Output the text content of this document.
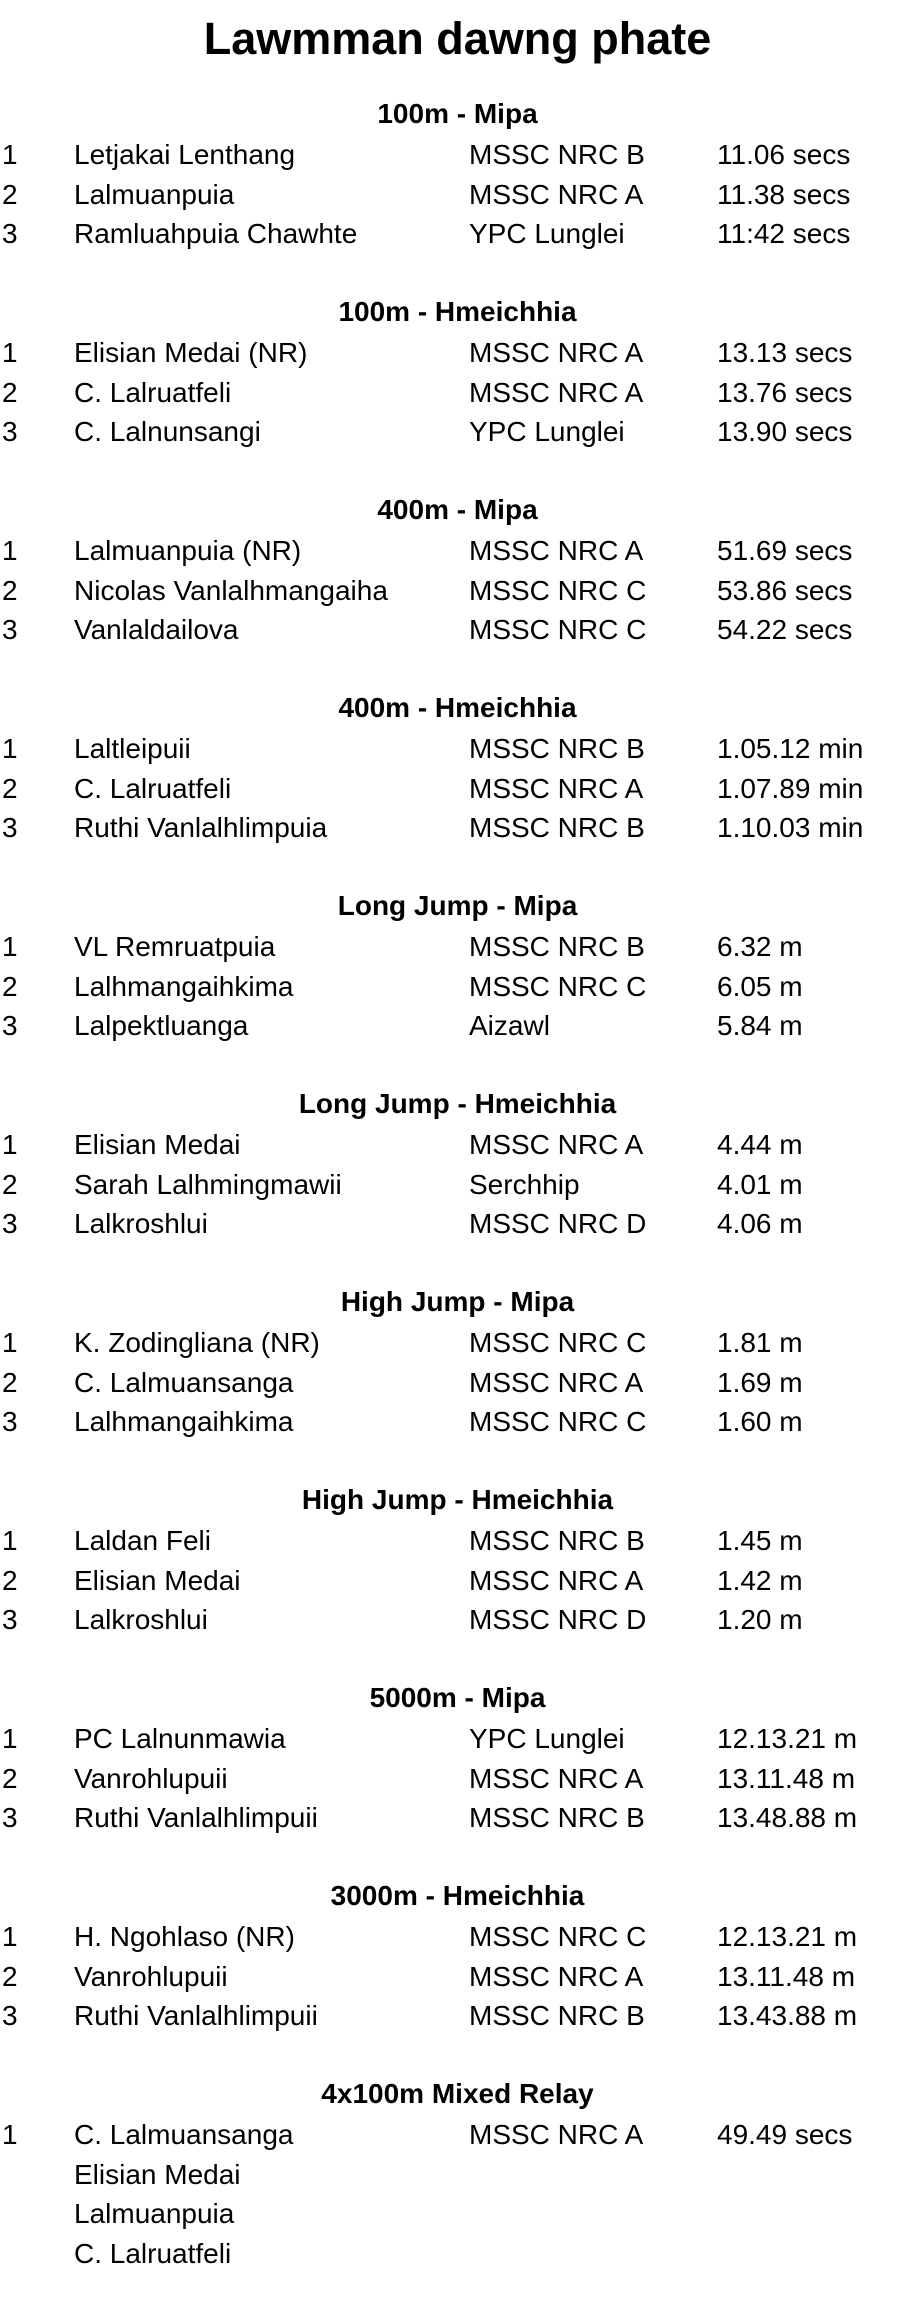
Lawmman dawng phate
100m - Mipa
1 Letjakai Lenthang	MSSC NRC B	11.06 secs
2 Lalmuanpuia	MSSC NRC A	11.38 secs
3 Ramluahpuia Chawhte	YPC Lunglei	11:42 secs
100m - Hmeichhia
1 Elisian Medai (NR)	MSSC NRC A	13.13 secs
2 C. Lalruatfeli	MSSC NRC A	13.76 secs
3 C. Lalnunsangi	YPC Lunglei	13.90 secs
400m - Mipa
1 Lalmuanpuia (NR)	MSSC NRC A	51.69 secs
2 Nicolas Vanlalhmangaiha	MSSC NRC C	53.86 secs
3 Vanlaldailova	MSSC NRC C	54.22 secs
400m - Hmeichhia
1 Laltleipuii	MSSC NRC B	1.05.12 min
2 C. Lalruatfeli	MSSC NRC A	1.07.89 min
3 Ruthi Vanlalhlimpuia	MSSC NRC B	1.10.03 min
Long Jump - Mipa
1 VL Remruatpuia	MSSC NRC B	6.32 m
2 Lalhmangaihkima	MSSC NRC C	6.05 m
3 Lalpektluanga	Aizawl	5.84 m
Long Jump - Hmeichhia
1 Elisian Medai	MSSC NRC A	4.44 m
2 Sarah Lalhmingmawii	Serchhip	4.01 m
3 Lalkroshlui	MSSC NRC D	4.06 m
High Jump - Mipa
1 K. Zodingliana (NR)	MSSC NRC C	1.81 m
2 C. Lalmuansanga	MSSC NRC A	1.69 m
3 Lalhmangaihkima	MSSC NRC C	1.60 m
High Jump - Hmeichhia
1 Laldan Feli	MSSC NRC B	1.45 m
2 Elisian Medai	MSSC NRC A	1.42 m
3 Lalkroshlui	MSSC NRC D	1.20 m
5000m - Mipa
1 PC Lalnunmawia	YPC Lunglei	12.13.21 m
2 Vanrohlupuii	MSSC NRC A	13.11.48 m
3 Ruthi Vanlalhlimpuii	MSSC NRC B	13.48.88 m
3000m - Hmeichhia
1 H. Ngohlaso (NR)	MSSC NRC C	12.13.21 m
2 Vanrohlupuii	MSSC NRC A	13.11.48 m
3 Ruthi Vanlalhlimpuii	MSSC NRC B	13.43.88 m
4x100m Mixed Relay
1 C. Lalmuansanga	MSSC NRC A	49.49 secs
Elisian Medai
Lalmuanpuia
C. Lalruatfeli
